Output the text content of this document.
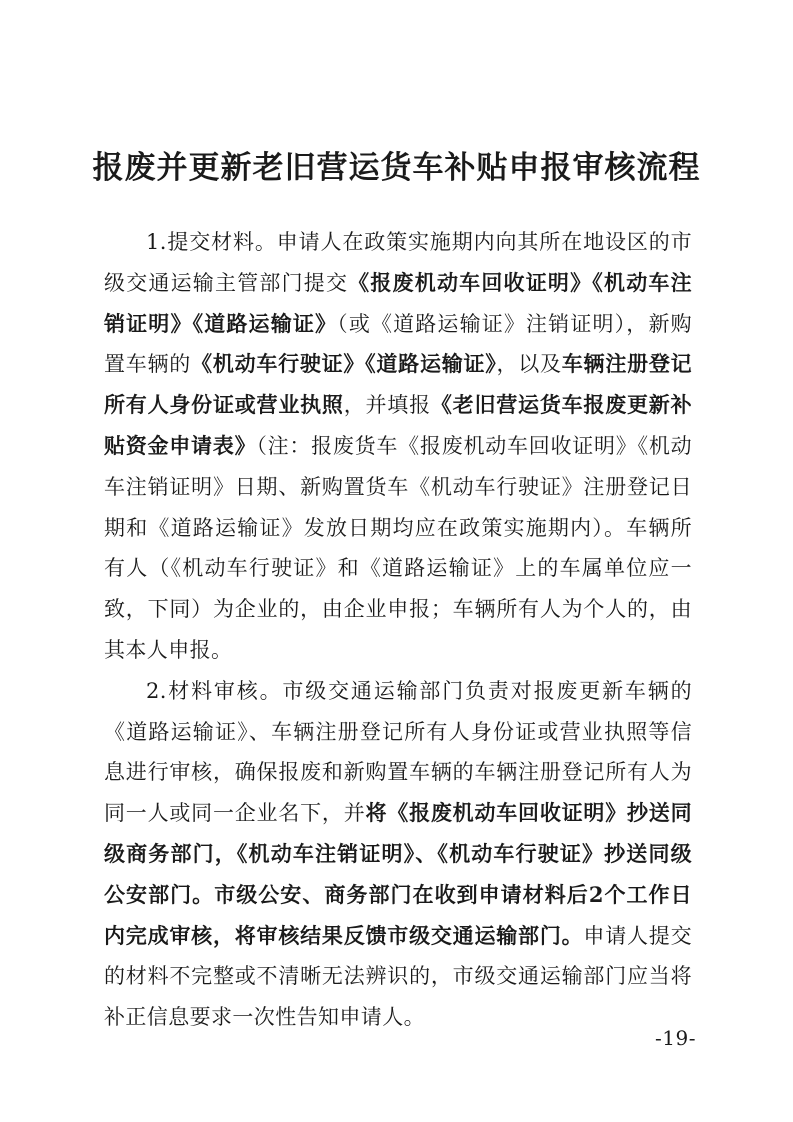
报废并更新老旧营运货车补贴申报审核流程

1.提交材料。申请人在政策实施期内向其所在地设区的市级交通运输主管部门提交《报废机动车回收证明》《机动车注销证明》《道路运输证》（或《道路运输证》注销证明），新购置车辆的《机动车行驶证》《道路运输证》，以及车辆注册登记所有人身份证或营业执照，并填报《老旧营运货车报废更新补贴资金申请表》（注：报废货车《报废机动车回收证明》《机动车注销证明》日期、新购置货车《机动车行驶证》注册登记日期和《道路运输证》发放日期均应在政策实施期内）。车辆所有人（《机动车行驶证》和《道路运输证》上的车属单位应一致，下同）为企业的，由企业申报；车辆所有人为个人的，由其本人申报。

2.材料审核。市级交通运输部门负责对报废更新车辆的《道路运输证》、车辆注册登记所有人身份证或营业执照等信息进行审核，确保报废和新购置车辆的车辆注册登记所有人为同一人或同一企业名下，并将《报废机动车回收证明》抄送同级商务部门，《机动车注销证明》、《机动车行驶证》抄送同级公安部门。市级公安、商务部门在收到申请材料后2个工作日内完成审核，将审核结果反馈市级交通运输部门。申请人提交的材料不完整或不清晰无法辨识的，市级交通运输部门应当将补正信息要求一次性告知申请人。

-19-
